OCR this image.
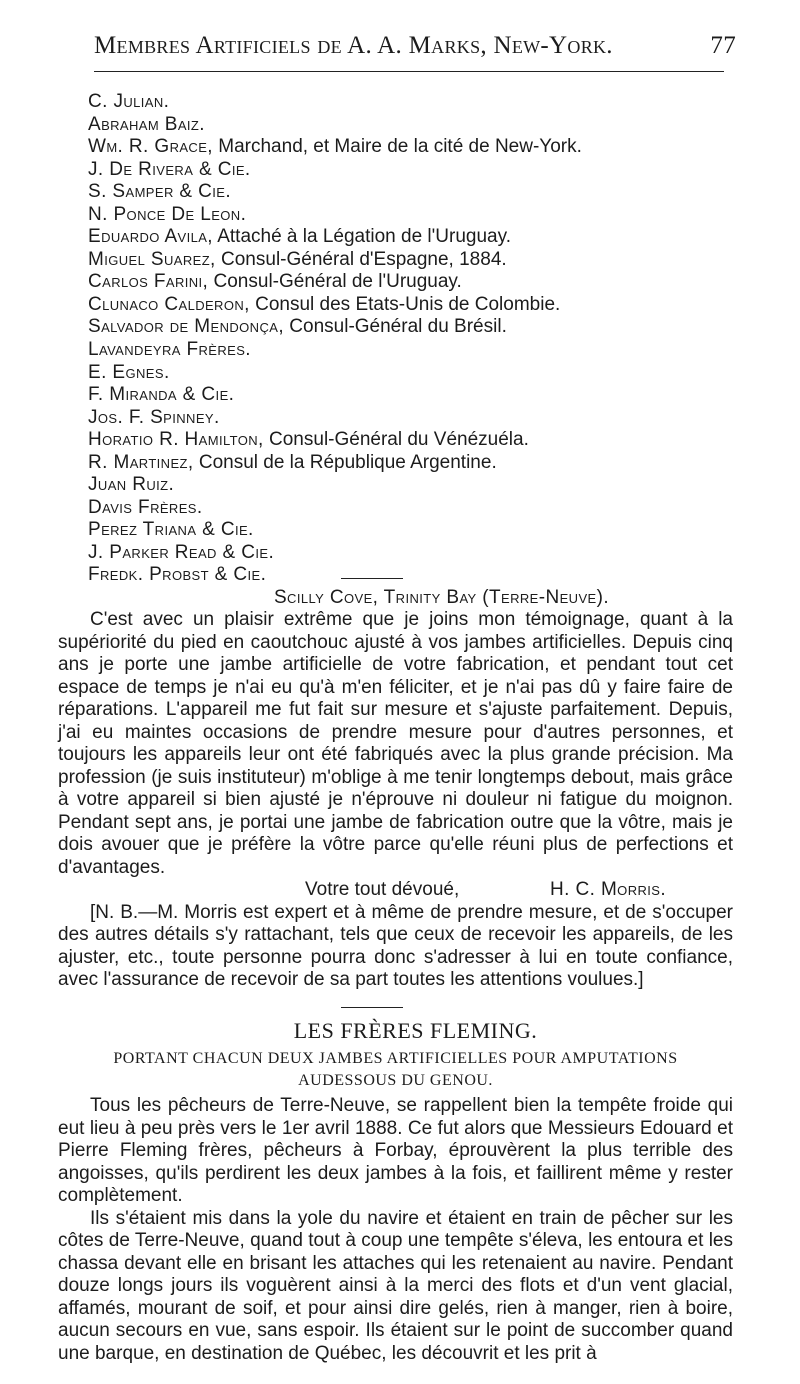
Membres Artificiels de A. A. Marks, New-York.	77
C. Julian.
Abraham Baiz.
Wm. R. Grace, Marchand, et Maire de la cité de New-York.
J. De Rivera & Cie.
S. Samper & Cie.
N. Ponce De Leon.
Eduardo Avila, Attaché à la Légation de l'Uruguay.
Miguel Suarez, Consul-Général d'Espagne, 1884.
Carlos Farini, Consul-Général de l'Uruguay.
Clunaco Calderon, Consul des Etats-Unis de Colombie.
Salvador de Mendonça, Consul-Général du Brésil.
Lavandeyra Frères.
E. Egnes.
F. Miranda & Cie.
Jos. F. Spinney.
Horatio R. Hamilton, Consul-Général du Vénézuéla.
R. Martinez, Consul de la République Argentine.
Juan Ruiz.
Davis Frères.
Perez Triana & Cie.
J. Parker Read & Cie.
Fredk. Probst & Cie.
Scilly Cove, Trinity Bay (Terre-Neuve).

C'est avec un plaisir extrême que je joins mon témoignage, quant à la supériorité du pied en caoutchouc ajusté à vos jambes artificielles. Depuis cinq ans je porte une jambe artificielle de votre fabrication, et pendant tout cet espace de temps je n'ai eu qu'à m'en féliciter, et je n'ai pas dû y faire faire de réparations. L'appareil me fut fait sur mesure et s'ajuste parfaitement. Depuis, j'ai eu maintes occasions de prendre mesure pour d'autres personnes, et toujours les appareils leur ont été fabriqués avec la plus grande précision. Ma profession (je suis instituteur) m'oblige à me tenir longtemps debout, mais grâce à votre appareil si bien ajusté je n'éprouve ni douleur ni fatigue du moignon. Pendant sept ans, je portai une jambe de fabrication outre que la vôtre, mais je dois avouer que je préfère la vôtre parce qu'elle réuni plus de perfections et d'avantages.

Votre tout dévoué,	H. C. Morris.

[N. B.—M. Morris est expert et à même de prendre mesure, et de s'occuper des autres détails s'y rattachant, tels que ceux de recevoir les appareils, de les ajuster, etc., toute personne pourra donc s'adresser à lui en toute confiance, avec l'assurance de recevoir de sa part toutes les attentions voulues.]

LES FRÈRES FLEMING.
PORTANT CHACUN DEUX JAMBES ARTIFICIELLES POUR AMPUTATIONS
AUDESSOUS DU GENOU.

Tous les pêcheurs de Terre-Neuve, se rappellent bien la tempête froide qui eut lieu à peu près vers le 1er avril 1888. Ce fut alors que Messieurs Edouard et Pierre Fleming frères, pêcheurs à Forbay, éprouvèrent la plus terrible des angoisses, qu'ils perdirent les deux jambes à la fois, et faillirent même y rester complètement.

Ils s'étaient mis dans la yole du navire et étaient en train de pêcher sur les côtes de Terre-Neuve, quand tout à coup une tempête s'éleva, les entoura et les chassa devant elle en brisant les attaches qui les retenaient au navire. Pendant douze longs jours ils voguèrent ainsi à la merci des flots et d'un vent glacial, affamés, mourant de soif, et pour ainsi dire gelés, rien à manger, rien à boire, aucun secours en vue, sans espoir. Ils étaient sur le point de succomber quand une barque, en destination de Québec, les découvrit et les prit à
